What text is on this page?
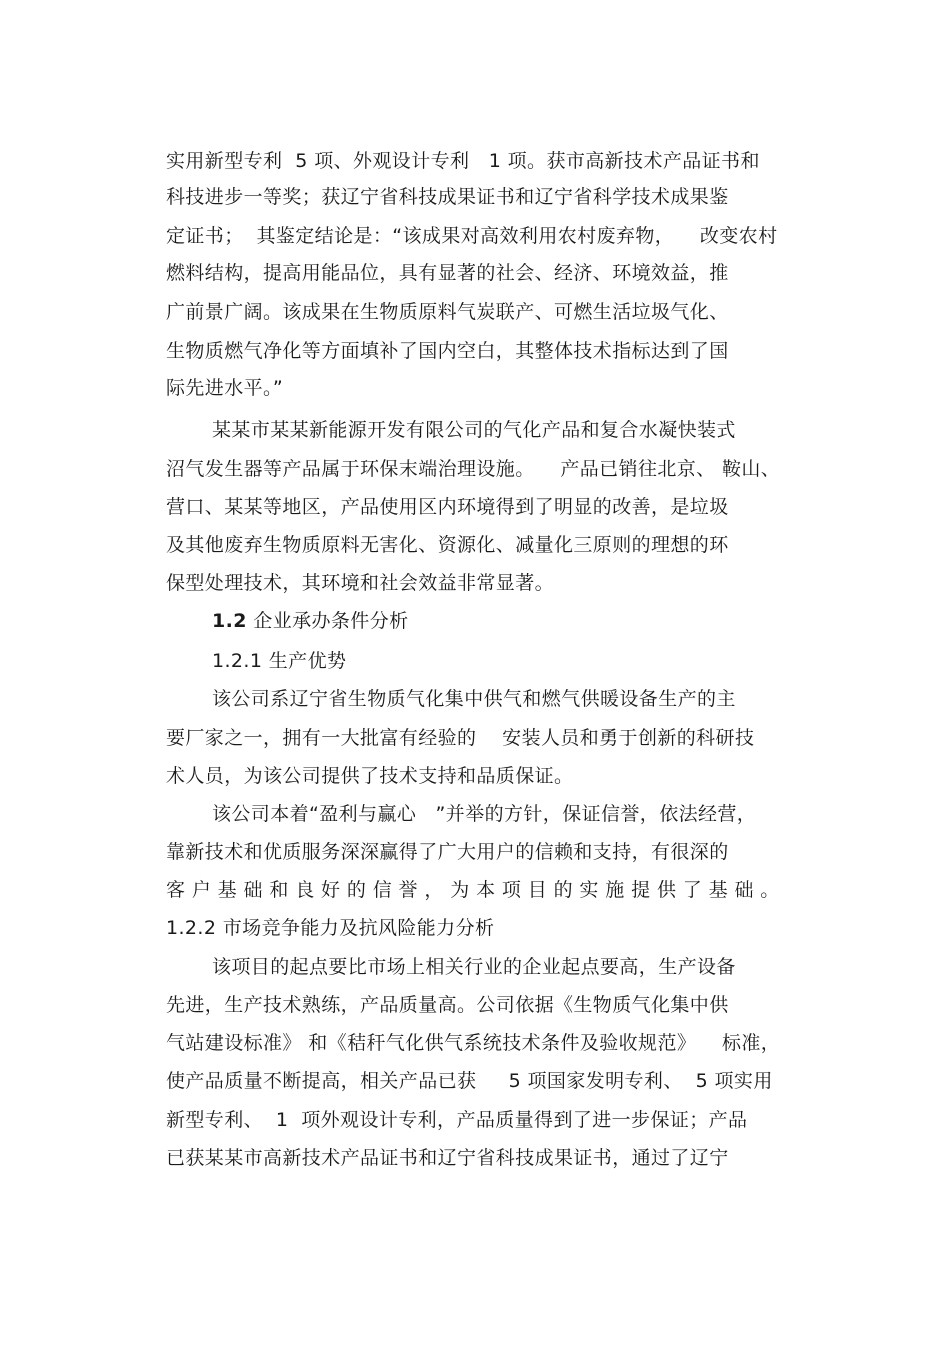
实用新型专利  5 项、外观设计专利   1 项。获市高新技术产品证书和
科技进步一等奖；获辽宁省科技成果证书和辽宁省科学技术成果鉴
定证书；  其鉴定结论是：“该成果对高效利用农村废弃物，    改变农村
燃料结构，提高用能品位，具有显著的社会、经济、环境效益，推
广前景广阔。该成果在生物质原料气炭联产、可燃生活垃圾气化、
生物质燃气净化等方面填补了国内空白，其整体技术指标达到了国
际先进水平。”
某某市某某新能源开发有限公司的气化产品和复合水凝快装式
沼气发生器等产品属于环保末端治理设施。    产品已销往北京、 鞍山、
营口、某某等地区，产品使用区内环境得到了明显的改善，是垃圾
及其他废弃生物质原料无害化、资源化、减量化三原则的理想的环
保型处理技术，其环境和社会效益非常显著。
1.2 企业承办条件分析
1.2.1 生产优势
该公司系辽宁省生物质气化集中供气和燃气供暖设备生产的主
要厂家之一，拥有一大批富有经验的    安装人员和勇于创新的科研技
术人员，为该公司提供了技术支持和品质保证。
该公司本着“盈利与赢心   ”并举的方针，保证信誉，依法经营，
靠新技术和优质服务深深赢得了广大用户的信赖和支持，有很深的
客 户 基 础 和 良 好 的 信 誉 ， 为 本 项 目 的 实 施 提 供 了 基 础 。
1.2.2 市场竞争能力及抗风险能力分析
该项目的起点要比市场上相关行业的企业起点要高，生产设备
先进，生产技术熟练，产品质量高。公司依据《生物质气化集中供
气站建设标准》 和《秸秆气化供气系统技术条件及验收规范》    标准，
使产品质量不断提高，相关产品已获     5 项国家发明专利、  5 项实用
新型专利、  1  项外观设计专利，产品质量得到了进一步保证；产品
已获某某市高新技术产品证书和辽宁省科技成果证书，通过了辽宁
